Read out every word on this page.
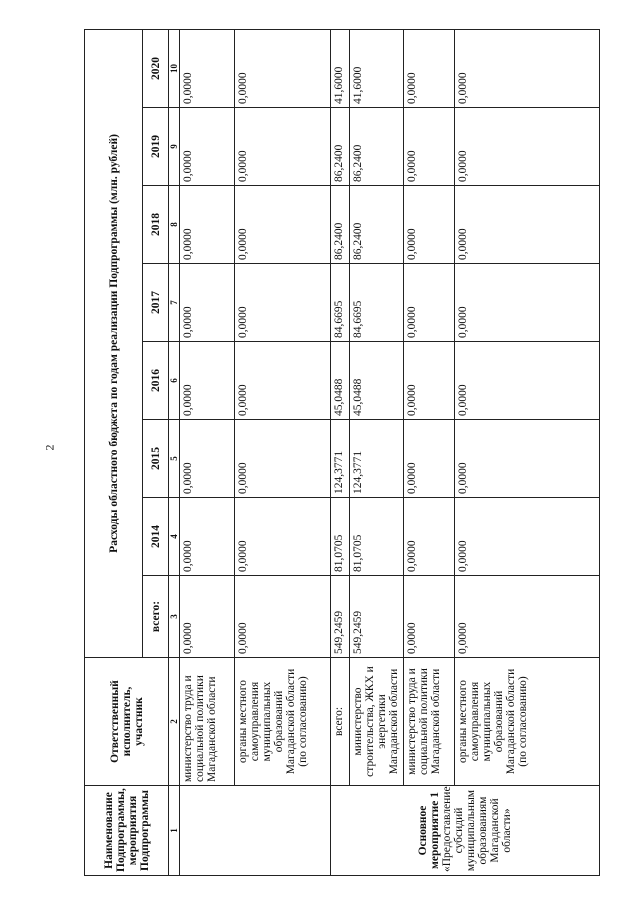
2
Наименование Подпрограммы, мероприятия Подпрограммы	Ответственный исполнитель, участник	Расходы областного бюджета по годам реализации Подпрограммы (млн. рублей)							
		всего:	2014	2015	2016	2017	2018	2019	2020
1	2	3	4	5	6	7	8	9	10
	министерство труда и социальной политики Магаданской области	0,0000	0,0000	0,0000	0,0000	0,0000	0,0000	0,0000	0,0000
	органы местного самоуправления муниципальных образований Магаданской области (по согласованию)	0,0000	0,0000	0,0000	0,0000	0,0000	0,0000	0,0000	0,0000

Основное мероприятие 1 «Предоставление субсидий муниципальным образованиям Магаданской области»	всего:	549,2459	81,0705	124,3771	45,0488	84,6695	86,2400	86,2400	41,6000
	министерство строительства, ЖКХ и энергетики Магаданской области	549,2459	81,0705	124,3771	45,0488	84,6695	86,2400	86,2400	41,6000
	министерство труда и социальной политики Магаданской области	0,0000	0,0000	0,0000	0,0000	0,0000	0,0000	0,0000	0,0000
	органы местного самоуправления муниципальных образований Магаданской области (по согласованию)	0,0000	0,0000	0,0000	0,0000	0,0000	0,0000	0,0000	0,0000
